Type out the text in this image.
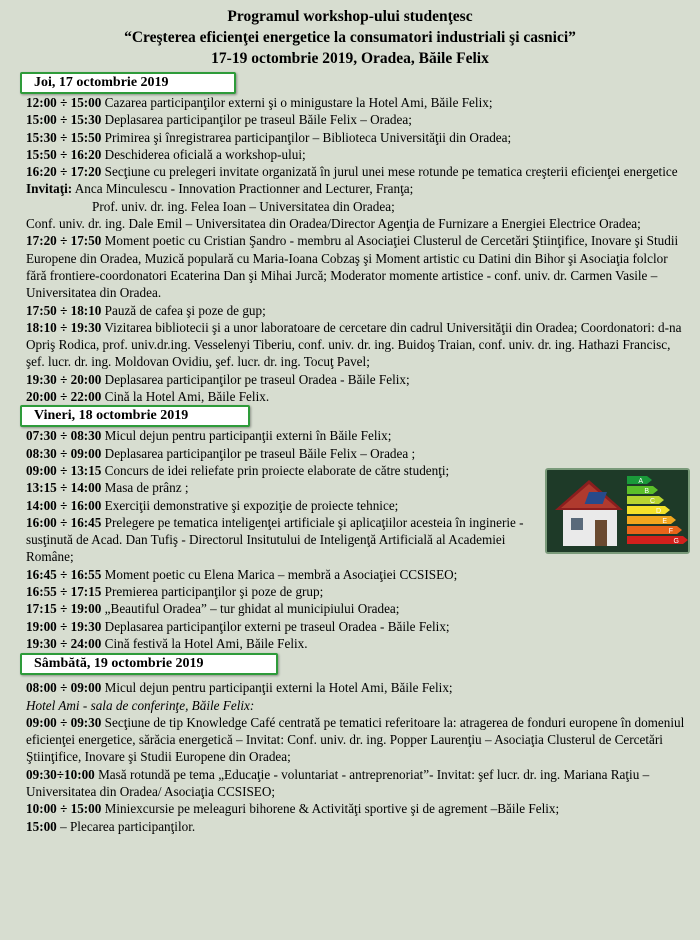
Programul workshop-ului studenţesc
“Creşterea eficienţei energetice la consumatori industriali şi casnici”
17-19 octombrie 2019, Oradea, Băile Felix
Joi, 17 octombrie 2019
12:00 ÷ 15:00 Cazarea participanţilor externi şi o minigustare la Hotel Ami, Băile Felix;
15:00 ÷ 15:30 Deplasarea participanţilor pe traseul Băile Felix – Oradea;
15:30 ÷ 15:50 Primirea şi înregistrarea participanţilor – Biblioteca Universităţii din Oradea;
15:50 ÷ 16:20 Deschiderea oficială a workshop-ului;
16:20 ÷ 17:20 Secţiune cu prelegeri invitate organizată în jurul unei mese rotunde pe tematica creşterii eficienţei energetice
Invitaţi: Anca Minculescu - Innovation Practionner and Lecturer, Franţa;
Prof. univ. dr. ing. Felea Ioan – Universitatea din Oradea;
Conf. univ. dr. ing. Dale Emil – Universitatea din Oradea/Director Agenţia de Furnizare a Energiei Electrice Oradea;
17:20 ÷ 17:50 Moment poetic cu Cristian Şandro - membru al Asociaţiei Clusterul de Cercetări Ştiinţifice, Inovare şi Studii Europene din Oradea, Muzică populară cu Maria-Ioana Cobzaş şi Moment artistic cu Datini din Bihor şi Asociaţia folclor fără frontiere-coordonatori Ecaterina Dan şi Mihai Jurcă; Moderator momente artistice - conf. univ. dr. Carmen Vasile – Universitatea din Oradea.
17:50 ÷ 18:10 Pauză de cafea şi poze de gup;
18:10 ÷ 19:30 Vizitarea bibliotecii şi a unor laboratoare de cercetare din cadrul Universităţii din Oradea; Coordonatori: d-na Opriş Rodica, prof. univ.dr.ing. Vesselenyi Tiberiu, conf. univ. dr. ing. Buidoş Traian, conf. univ. dr. ing. Hathazi Francisc, şef. lucr. dr. ing. Moldovan Ovidiu, şef. lucr. dr. ing. Tocuţ Pavel;
19:30 ÷ 20:00 Deplasarea participanţilor pe traseul Oradea - Băile Felix;
20:00 ÷ 22:00 Cină la Hotel Ami, Băile Felix.
Vineri, 18 octombrie 2019
07:30 ÷ 08:30 Micul dejun pentru participanţii externi în Băile Felix;
08:30 ÷ 09:00 Deplasarea participanţilor pe traseul Băile Felix – Oradea ;
09:00 ÷ 13:15 Concurs de idei reliefate prin proiecte elaborate de către studenţi;
13:15 ÷ 14:00 Masa de prânz ;
14:00 ÷ 16:00 Exerciţii demonstrative şi expoziţie de proiecte tehnice;
16:00 ÷ 16:45 Prelegere pe tematica inteligenţei artificiale şi aplicaţiilor acesteia în inginerie - susţinută de Acad. Dan Tufiş - Directorul Insitutului de Inteligenţă Artificială al Academiei Române;
16:45 ÷ 16:55 Moment poetic cu Elena Marica – membră a Asociaţiei CCSISEO;
16:55 ÷ 17:15 Premierea participanţilor şi poze de grup;
17:15 ÷ 19:00 „Beautiful Oradea” – tur ghidat al municipiului Oradea;
19:00 ÷ 19:30 Deplasarea participanţilor externi pe traseul Oradea - Băile Felix;
19:30 ÷ 24:00 Cină festivă la Hotel Ami, Băile Felix.
Sâmbătă, 19 octombrie 2019
08:00 ÷ 09:00 Micul dejun pentru participanţii externi la Hotel Ami, Băile Felix;
Hotel Ami - sala de conferinţe, Băile Felix:
09:00 ÷ 09:30 Secţiune de tip Knowledge Café centrată pe tematici referitoare la: atragerea de fonduri europene în domeniul eficienţei energetice, sărăcia energetică – Invitat: Conf. univ. dr. ing. Popper Laurenţiu – Asociaţia Clusterul de Cercetări Ştiinţifice, Inovare şi Studii Europene din Oradea;
09:30÷10:00 Masă rotundă pe tema „Educaţie - voluntariat - antreprenoriat”- Invitat: şef lucr. dr. ing. Mariana Raţiu – Universitatea din Oradea/ Asociaţia CCSISEO;
10:00 ÷ 15:00 Miniexcursie pe meleaguri bihorene & Activităţi sportive şi de agrement –Băile Felix;
15:00 – Plecarea participanţilor.
A
B
C
D
E
F
G
